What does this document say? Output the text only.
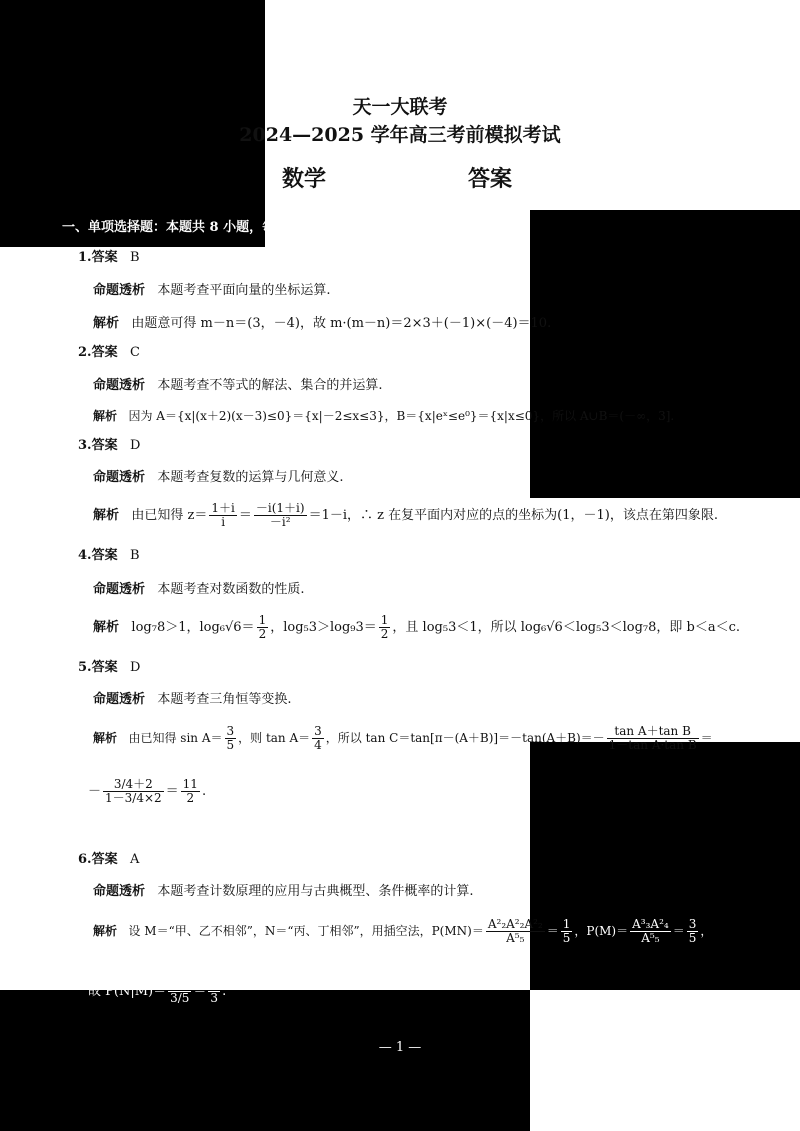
天一大联考
2024—2025 学年高三考前模拟考试
数学	答案
一、单项选择题：本题共 8 小题，每小题 5 分，共 40 分.
1.答案 B
命题透析 本题考查平面向量的坐标运算.
解析 由题意可得 m－n＝(3，－4)，故 m·(m－n)＝2×3＋(－1)×(－4)＝10.
2.答案 C
命题透析 本题考查不等式的解法、集合的并运算.
解析 因为 A＝{x|(x＋2)(x－3)≤0}＝{x|－2≤x≤3}，B＝{x|eˣ≤e⁰}＝{x|x≤0}，所以 A∪B＝(－∞，3].
3.答案 D
命题透析 本题考查复数的运算与几何意义.
解析 由已知得 $z= \frac{1+i}{i} = \frac{-i(1+i)}{\text{－i²}} =1-i$，∴ z 在复平面内对应的点的坐标为(1，－1)，该点在第四象限.
4.答案 B
命题透析 本题考查对数函数的性质.
解析 log₇8＞1，$\log_6√6= \frac{1}{2}$ ，$\log_53>\log_93= \frac{1}{2}$ ，且 log₅3＜1，所以 log₆√6＜log₅3＜log₇8，即 b＜a＜c.
5.答案 D
命题透析 本题考查三角恒等变换.
解析 由已知得 $\sin A= \frac{3}{5}$ ，则 $\tan A= \frac{3}{4}$ ，所以 $\tan C=\tan[\pi-(A+B)]=-\tan(A+B)=- \frac{\text{tan A＋tan B}}{\text{1－tan A·tan B}}$ ＝
－ $\frac{3/4+2}{1-3/4\times 2} = \frac{11}{2}$ .
6.答案 A
命题透析 本题考查计数原理的应用与古典概型、条件概率的计算.
解析 设 M＝“甲、乙不相邻”，N＝“丙、丁相邻”，用插空法，$P(MN)= \frac{\text{A²₂A²₂A²₂}}{\text{A⁵₅}} = \frac{1}{5}$ ，$P(M)= \frac{\text{A³₃A²₄}}{\text{A⁵₅}} = \frac{3}{5}$ ，
故 $P(N|M)= \frac{1/5}{3/5} = \frac{1}{3}$ .
— 1 —
